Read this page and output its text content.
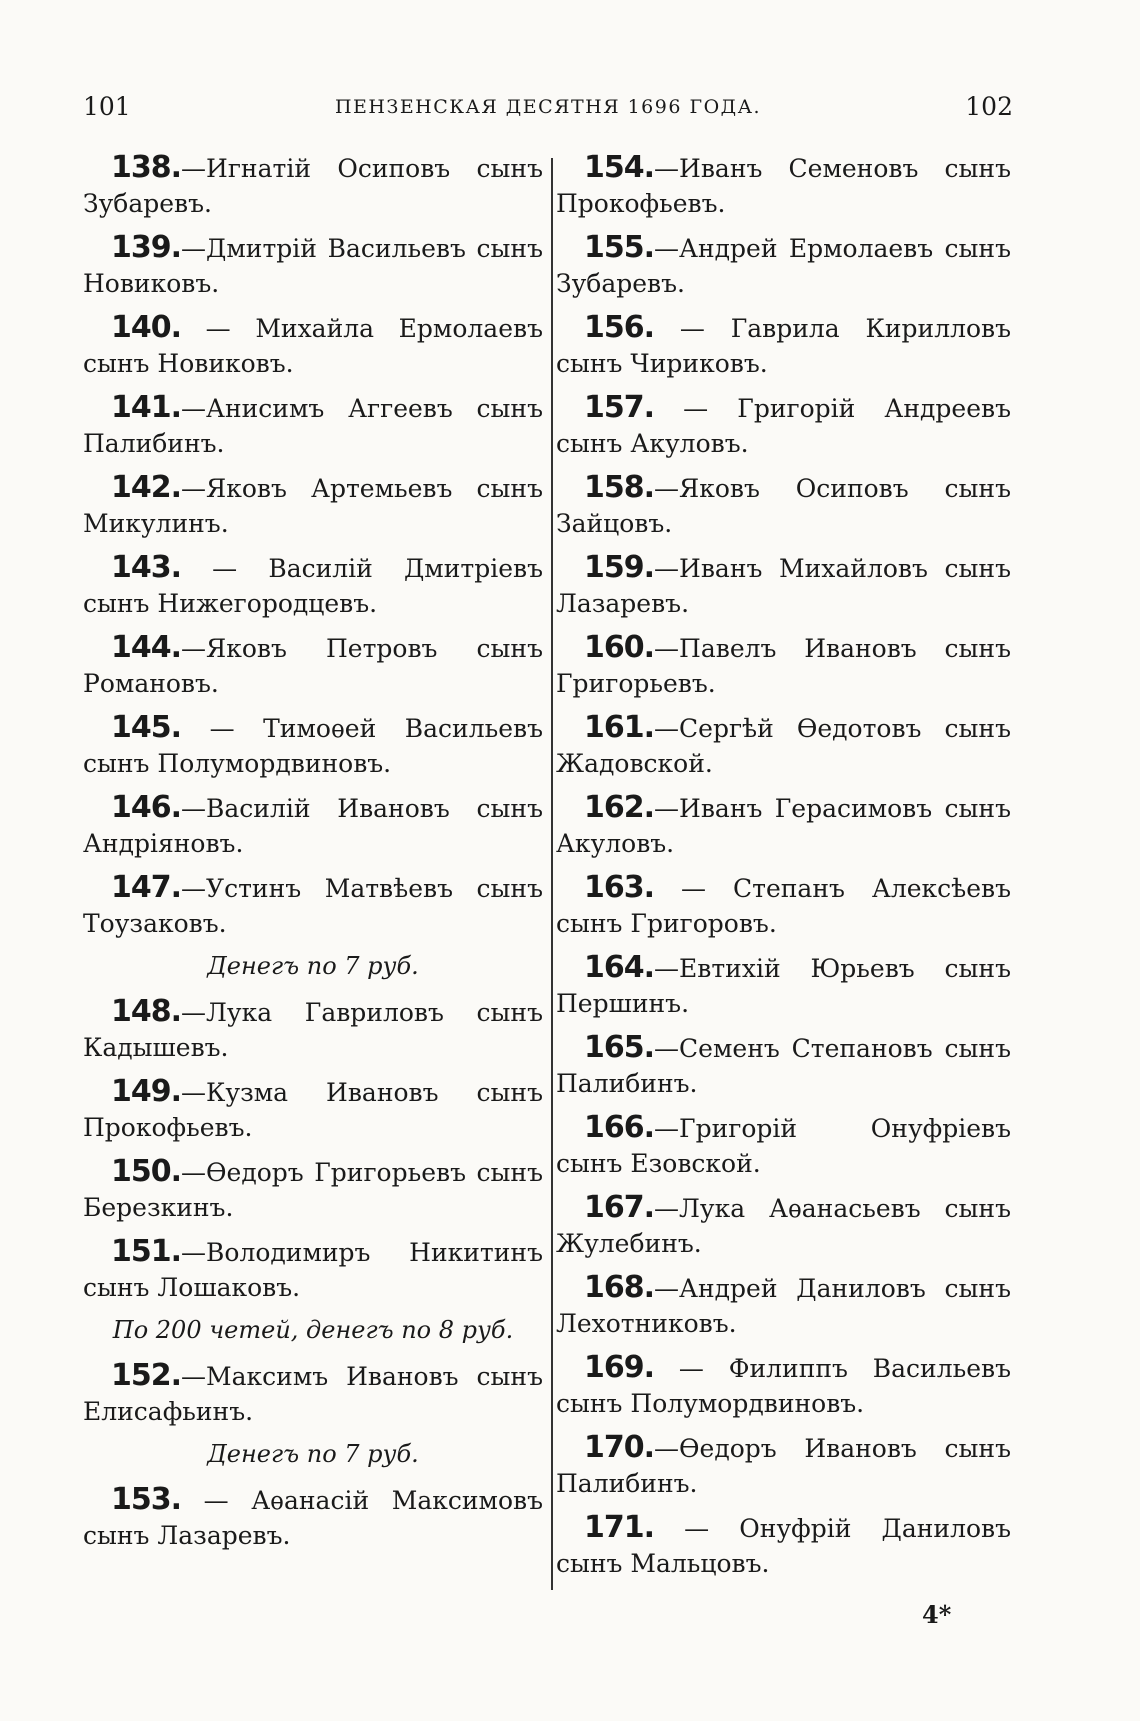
101	ПЕНЗЕНСКАЯ ДЕСЯТНЯ 1696 ГОДА.	102
138.—Игнатій Осиповъ сынъ Зубаревъ.
139.—Дмитрій Васильевъ сынъ Новиковъ.
140. — Михайла Ермолаевъ сынъ Новиковъ.
141.—Анисимъ Аггеевъ сынъ Палибинъ.
142.—Яковъ Артемьевъ сынъ Микулинъ.
143. — Василій Дмитріевъ сынъ Нижегородцевъ.
144.—Яковъ Петровъ сынъ Романовъ.
145. — Тимоѳей Васильевъ сынъ Полумордвиновъ.
146.—Василій Ивановъ сынъ Андріяновъ.
147.—Устинъ Матвѣевъ сынъ Тоузаковъ.
Денегъ по 7 руб.
148.—Лука Гавриловъ сынъ Кадышевъ.
149.—Кузма Ивановъ сынъ Прокофьевъ.
150.—Ѳедоръ Григорьевъ сынъ Березкинъ.
151.—Володимиръ Никитинъ сынъ Лошаковъ.
По 200 четей, денегъ по 8 руб.
152.—Максимъ Ивановъ сынъ Елисафьинъ.
Денегъ по 7 руб.
153. — Аѳанасій Максимовъ сынъ Лазаревъ.
154.—Иванъ Семеновъ сынъ Прокофьевъ.
155.—Андрей Ермолаевъ сынъ Зубаревъ.
156. — Гаврила Кирилловъ сынъ Чириковъ.
157. — Григорій Андреевъ сынъ Акуловъ.
158.—Яковъ Осиповъ сынъ Зайцовъ.
159.—Иванъ Михайловъ сынъ Лазаревъ.
160.—Павелъ Ивановъ сынъ Григорьевъ.
161.—Сергѣй Ѳедотовъ сынъ Жадовской.
162.—Иванъ Герасимовъ сынъ Акуловъ.
163. — Степанъ Алексѣевъ сынъ Григоровъ.
164.—Евтихій Юрьевъ сынъ Першинъ.
165.—Семенъ Степановъ сынъ Палибинъ.
166.—Григорій Онуфріевъ сынъ Езовской.
167.—Лука Аѳанасьевъ сынъ Жулебинъ.
168.—Андрей Даниловъ сынъ Лехотниковъ.
169. — Филиппъ Васильевъ сынъ Полумордвиновъ.
170.—Ѳедоръ Ивановъ сынъ Палибинъ.
171. — Онуфрій Даниловъ сынъ Мальцовъ.
4*
